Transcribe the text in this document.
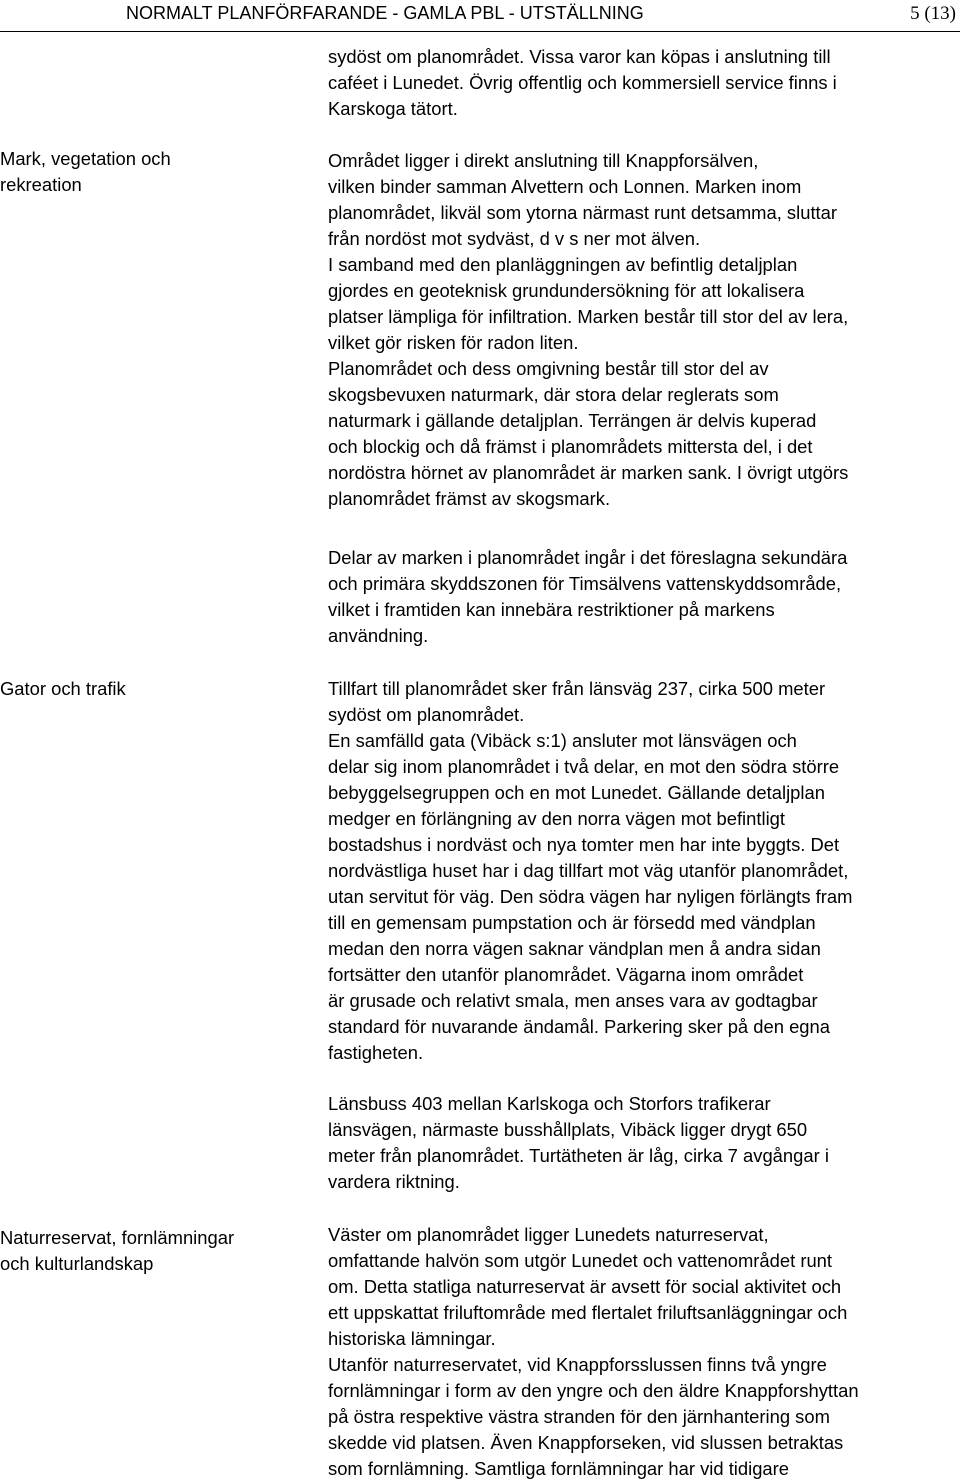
NORMALT PLANFÖRFARANDE - GAMLA PBL - UTSTÄLLNING	5 (13)
Mark, vegetation och
rekreation
Gator och trafik
Naturreservat, fornlämningar
och kulturlandskap
sydöst om planområdet. Vissa varor kan köpas i anslutning till
caféet i Lunedet. Övrig offentlig och kommersiell service finns i
Karskoga tätort.
Området ligger i direkt anslutning till Knappforsälven,
vilken binder samman Alvettern och Lonnen. Marken inom
planområdet, likväl som ytorna närmast runt detsamma, sluttar
från nordöst mot sydväst, d v s ner mot älven.
I samband med den planläggningen av befintlig detaljplan
gjordes en geoteknisk grundundersökning för att lokalisera
platser lämpliga för infiltration. Marken består till stor del av lera,
vilket gör risken för radon liten.
Planområdet och dess omgivning består till stor del av
skogsbevuxen naturmark, där stora delar reglerats som
naturmark i gällande detaljplan. Terrängen är delvis kuperad
och blockig och då främst i planområdets mittersta del, i det
nordöstra hörnet av planområdet är marken sank. I övrigt utgörs
planområdet främst av skogsmark.
Delar av marken i planområdet ingår i det föreslagna sekundära
och primära skyddszonen för Timsälvens vattenskyddsområde,
vilket i framtiden kan innebära restriktioner på markens
användning.
Tillfart till planområdet sker från länsväg 237, cirka 500 meter
sydöst om planområdet.
En samfälld gata (Vibäck s:1) ansluter mot länsvägen och
delar sig inom planområdet i två delar, en mot den södra större
bebyggelsegruppen och en mot Lunedet. Gällande detaljplan
medger en förlängning av den norra vägen mot befintligt
bostadshus i nordväst och nya tomter men har inte byggts. Det
nordvästliga huset har i dag tillfart mot väg utanför planområdet,
utan servitut för väg. Den södra vägen har nyligen förlängts fram
till en gemensam pumpstation och är försedd med vändplan
medan den norra vägen saknar vändplan men å andra sidan
fortsätter den utanför planområdet. Vägarna inom området
är grusade och relativt smala, men anses vara av godtagbar
standard för nuvarande ändamål. Parkering sker på den egna
fastigheten.
Länsbuss 403 mellan Karlskoga och Storfors trafikerar
länsvägen, närmaste busshållplats, Vibäck ligger drygt 650
meter från planområdet. Turtätheten är låg, cirka 7 avgångar i
vardera riktning.
Väster om planområdet ligger Lunedets naturreservat,
omfattande halvön som utgör Lunedet och vattenområdet runt
om. Detta statliga naturreservat är avsett för social aktivitet och
ett uppskattat friluftområde med flertalet friluftsanläggningar och
historiska lämningar.
Utanför naturreservatet, vid Knappforsslussen finns två yngre
fornlämningar i form av den yngre och den äldre Knappforshyttan
på östra respektive västra stranden för den järnhantering som
skedde vid platsen. Även Knappforseken, vid slussen betraktas
som fornlämning. Samtliga fornlämningar har vid tidigare
